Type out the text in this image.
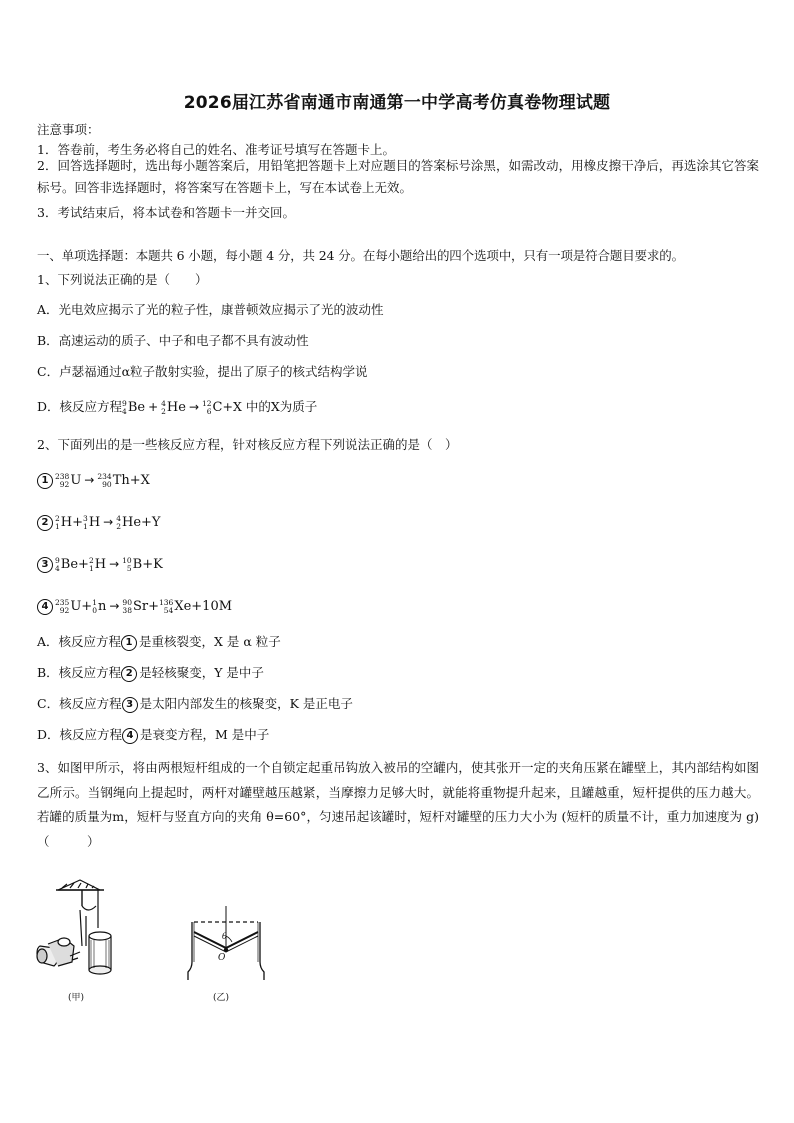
2026届江苏省南通市南通第一中学高考仿真卷物理试题
注意事项：
1．答卷前，考生务必将自己的姓名、准考证号填写在答题卡上。
2．回答选择题时，选出每小题答案后，用铅笔把答题卡上对应题目的答案标号涂黑，如需改动，用橡皮擦干净后，再选涂其它答案标号。回答非选择题时，将答案写在答题卡上，写在本试卷上无效。
3．考试结束后，将本试卷和答题卡一并交回。
一、单项选择题：本题共 6 小题，每小题 4 分，共 24 分。在每小题给出的四个选项中，只有一项是符合题目要求的。
1、下列说法正确的是（　　）
A．光电效应揭示了光的粒子性，康普顿效应揭示了光的波动性
B．高速运动的质子、中子和电子都不具有波动性
C．卢瑟福通过α粒子散射实验，提出了原子的核式结构学说
D．核反应方程 9
4 Be + 4
2 He → 12
6 C +X 中的X为质子
2、下面列出的是一些核反应方程，针对核反应方程下列说法正确的是（　）
1 238
92 U → 234
90 Th +X
2 2
1 H + 3
1 H → 4
2 He +Y
3 9
4 Be + 2
1 H → 10
5 B +K
4 235
92 U + 1
0 n → 90
38 Sr + 136
54 Xe +10M
A．核反应方程 1 是重核裂变，X 是 α 粒子
B．核反应方程 2 是轻核聚变，Y 是中子
C．核反应方程 3 是太阳内部发生的核聚变，K 是正电子
D．核反应方程 4 是衰变方程，M 是中子
3、如图甲所示，将由两根短杆组成的一个自锁定起重吊钩放入被吊的空罐内，使其张开一定的夹角压紧在罐壁上，其内部结构如图乙所示。当钢绳向上提起时，两杆对罐壁越压越紧，当摩擦力足够大时，就能将重物提升起来，且罐越重，短杆提供的压力越大。若罐的质量为m，短杆与竖直方向的夹角 θ=60°，匀速吊起该罐时，短杆对罐壁的压力大小为 (短杆的质量不计，重力加速度为 g) （　　　）
(甲)
θ
O
(乙)
